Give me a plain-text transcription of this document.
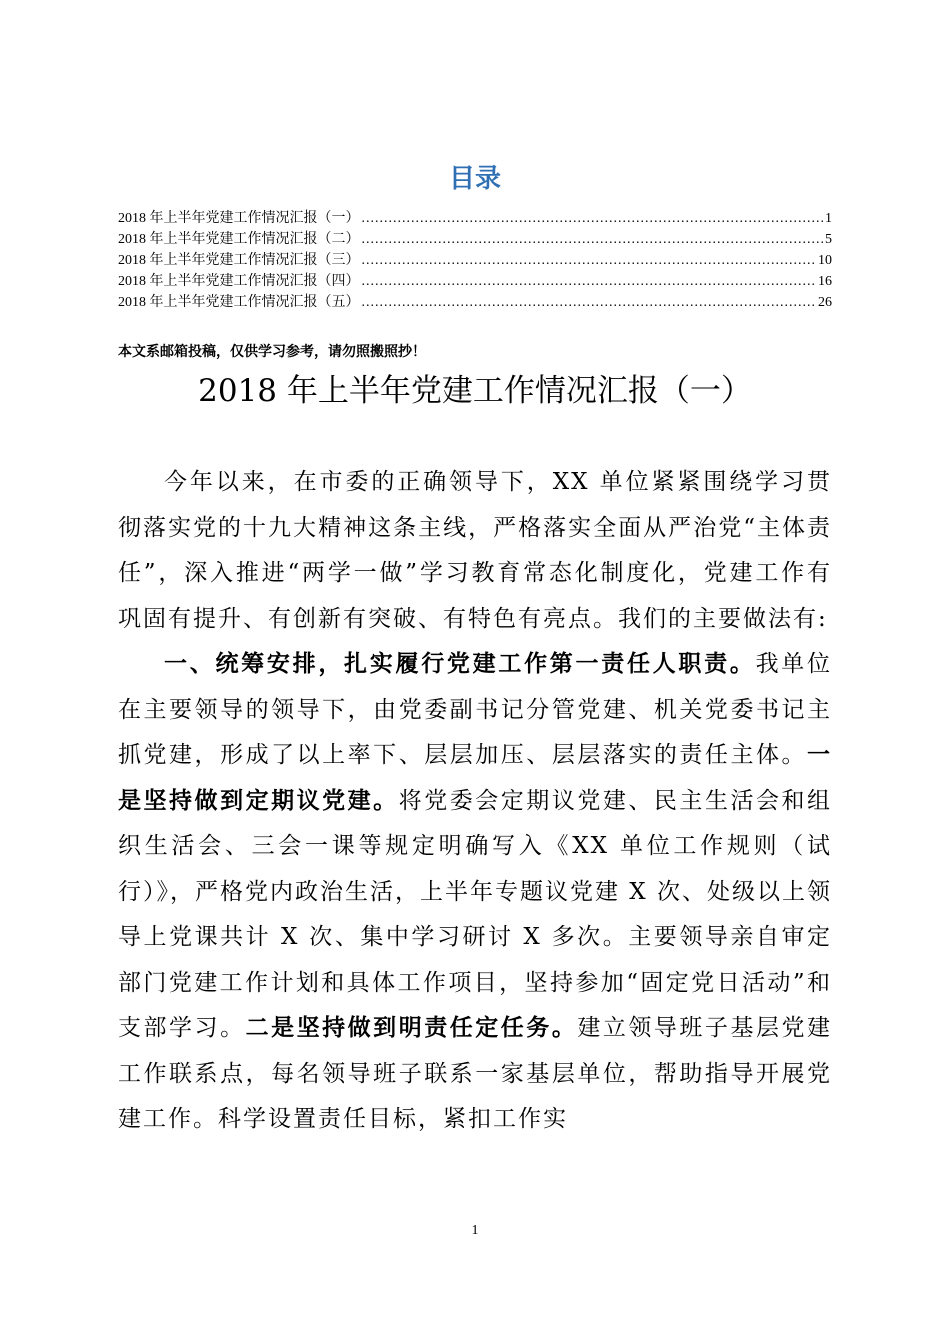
目录
2018 年上半年党建工作情况汇报（一） .....	1
2018 年上半年党建工作情况汇报（二） .....	5
2018 年上半年党建工作情况汇报（三） .....	10
2018 年上半年党建工作情况汇报（四） .....	16
2018 年上半年党建工作情况汇报（五） .....	26
本文系邮箱投稿，仅供学习参考，请勿照搬照抄！
2018 年上半年党建工作情况汇报（一）

今年以来，在市委的正确领导下，XX 单位紧紧围绕学习贯彻落实党的十九大精神这条主线，严格落实全面从严治党“主体责任”，深入推进“两学一做”学习教育常态化制度化，党建工作有巩固有提升、有创新有突破、有特色有亮点。我们的主要做法有:

一、统筹安排，扎实履行党建工作第一责任人职责。我单位在主要领导的领导下，由党委副书记分管党建、机关党委书记主抓党建，形成了以上率下、层层加压、层层落实的责任主体。一是坚持做到定期议党建。将党委会定期议党建、民主生活会和组织生活会、三会一课等规定明确写入《XX 单位工作规则（试行）》，严格党内政治生活，上半年专题议党建 X 次、处级以上领导上党课共计 X 次、集中学习研讨 X 多次。主要领导亲自审定部门党建工作计划和具体工作项目，坚持参加“固定党日活动”和支部学习。二是坚持做到明责任定任务。建立领导班子基层党建工作联系点，每名领导班子联系一家基层单位，帮助指导开展党建工作。科学设置责任目标，紧扣工作实

1
